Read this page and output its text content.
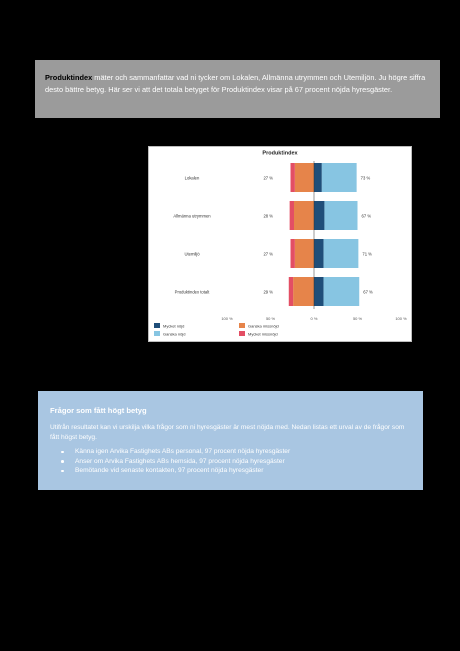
Produktindex mäter och sammanfattar vad ni tycker om Lokalen, Allmänna utrymmen och Utemiljön. Ju högre siffra desto bättre betyg. Här ser vi att det totala betyget för Produktindex visar på 67 procent nöjda hyresgäster.
Produktindex
Lokalen	27 %	73 %
Allmänna utrymmen	28 %	67 %
Utemiljö	27 %	71 %
Produktindex totalt	29 %	67 %
100 %	50 %	0 %	50 %	100 %
Mycket nöjd	Ganska missnöjd
Ganska nöjd	Mycket missnöjd
Frågor som fått högt betyg
Utifrån resultatet kan vi urskilja vilka frågor som ni hyresgäster är mest nöjda med. Nedan listas ett urval av de frågor som fått högst betyg.
Känna igen Arvika Fastighets ABs personal, 97 procent nöjda hyresgäster
Anser om Arvika Fastighets ABs hemsida, 97 procent nöjda hyresgäster
Bemötande vid senaste kontakten, 97 procent nöjda hyresgäster
